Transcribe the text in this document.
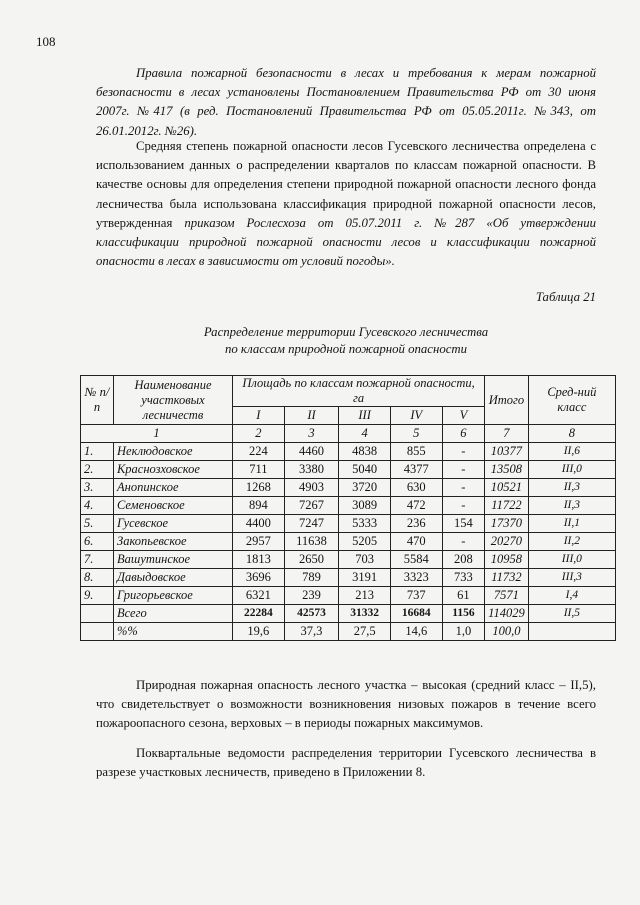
108

Правила пожарной безопасности в лесах и требования к мерам пожарной безопасности в лесах установлены Постановлением Правительства РФ от 30 июня 2007г. №417 (в ред. Постановлений Правительства РФ от 05.05.2011г. №343, от 26.01.2012г. №26).

Средняя степень пожарной опасности лесов Гусевского лесничества определена с использованием данных о распределении кварталов по классам пожарной опасности. В качестве основы для определения степени природной пожарной опасности лесного фонда лесничества была использована классификация природной пожарной опасности лесов, утвержденная приказом Рослесхоза от 05.07.2011 г. №287 «Об утверждении классификации природной пожарной опасности лесов и классификации пожарной опасности в лесах в зависимости от условий погоды».

Таблица 21
Распределение территории Гусевского лесничества
по классам природной пожарной опасности
№ п/п	Наименование участковых лесничеств	Площадь по классам пожарной опасности, га					Итого	Сред-ний класс
		I	II	III	IV	V		
1		2	3	4	5	6	7	8
1.	Неклюдовское	224	4460	4838	855	-	10377	II,6
2.	Краснозховское	711	3380	5040	4377	-	13508	III,0
3.	Анопинское	1268	4903	3720	630	-	10521	II,3
4.	Семеновское	894	7267	3089	472	-	11722	II,3
5.	Гусевское	4400	7247	5333	236	154	17370	II,1
6.	Закопьевское	2957	11638	5205	470	-	20270	II,2
7.	Вашутинское	1813	2650	703	5584	208	10958	III,0
8.	Давыдовское	3696	789	3191	3323	733	11732	III,3
9.	Григорьевское	6321	239	213	737	61	7571	I,4
	Всего	22284	42573	31332	16684	1156	114029	II,5
	%%	19,6	37,3	27,5	14,6	1,0	100,0	

Природная пожарная опасность лесного участка – высокая (средний класс – II,5), что свидетельствует о возможности возникновения низовых пожаров в течение всего пожароопасного сезона, верховых – в периоды пожарных максимумов.

Поквартальные ведомости распределения территории Гусевского лесничества в разрезе участковых лесничеств, приведено в Приложении 8.
